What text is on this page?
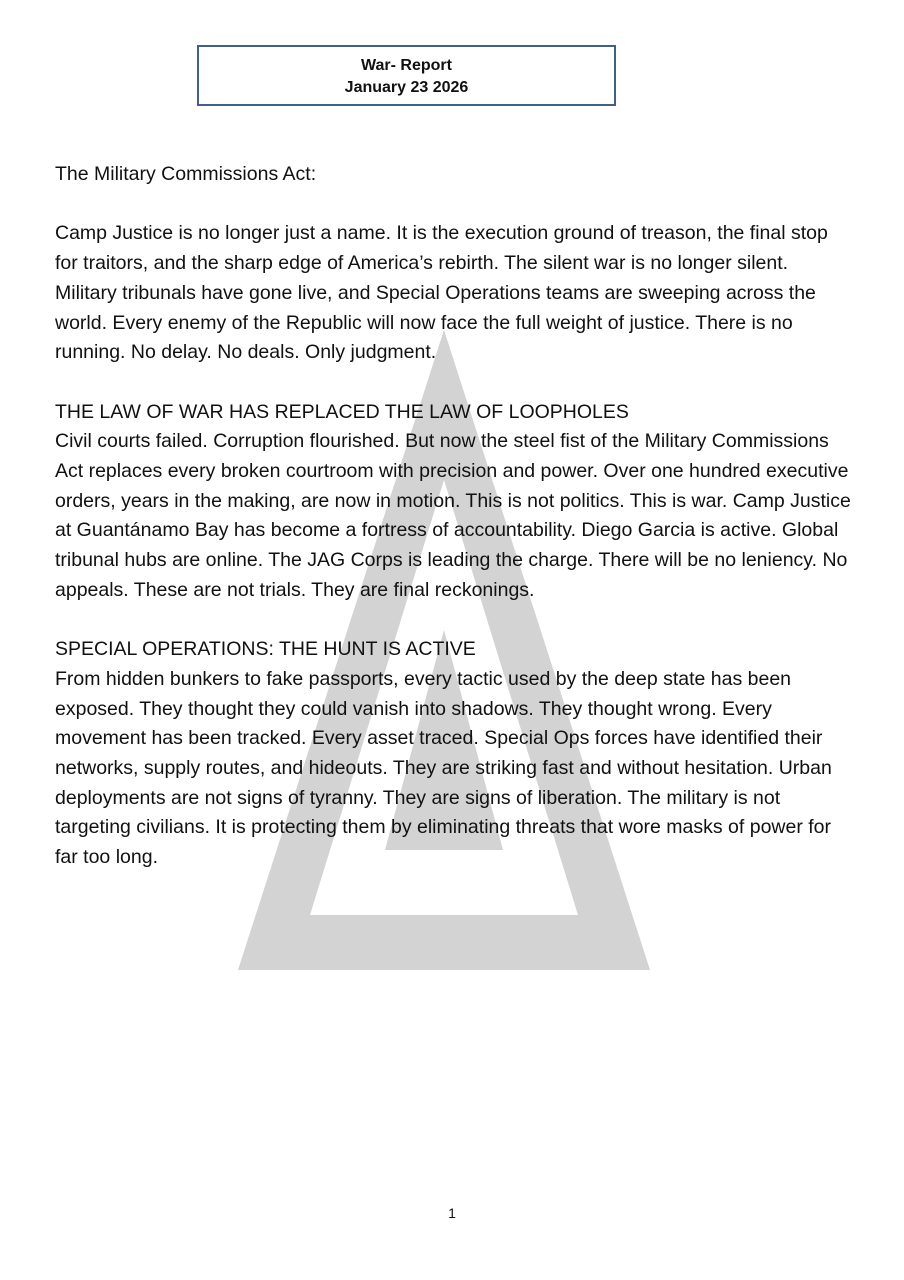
War- Report
January 23 2026

The Military Commissions Act:

Camp Justice is no longer just a name. It is the execution ground of treason, the final stop for traitors, and the sharp edge of America’s rebirth. The silent war is no longer silent. Military tribunals have gone live, and Special Operations teams are sweeping across the world. Every enemy of the Republic will now face the full weight of justice. There is no running. No delay. No deals. Only judgment.

THE LAW OF WAR HAS REPLACED THE LAW OF LOOPHOLES

Civil courts failed. Corruption flourished. But now the steel fist of the Military Commissions Act replaces every broken courtroom with precision and power. Over one hundred executive orders, years in the making, are now in motion. This is not politics. This is war. Camp Justice at Guantánamo Bay has become a fortress of accountability. Diego Garcia is active. Global tribunal hubs are online. The JAG Corps is leading the charge. There will be no leniency. No appeals. These are not trials. They are final reckonings.

SPECIAL OPERATIONS: THE HUNT IS ACTIVE

From hidden bunkers to fake passports, every tactic used by the deep state has been exposed. They thought they could vanish into shadows. They thought wrong. Every movement has been tracked. Every asset traced. Special Ops forces have identified their networks, supply routes, and hideouts. They are striking fast and without hesitation. Urban deployments are not signs of tyranny. They are signs of liberation. The military is not targeting civilians. It is protecting them by eliminating threats that wore masks of power for far too long.

1
